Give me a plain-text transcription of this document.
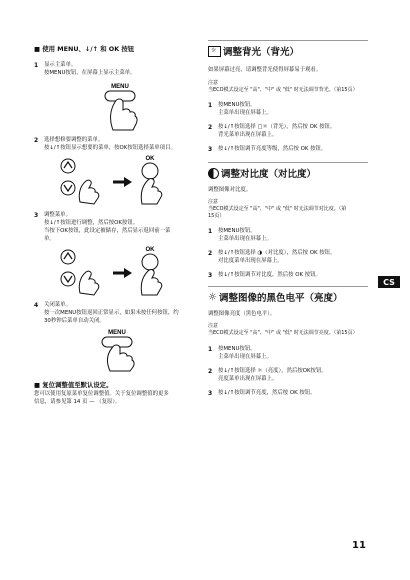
■ 使用 MENU、↓/↑ 和 OK 按钮
1 显示主菜单。
按MENU按钮，在屏幕上显示主菜单。
MENU
2 选择想修要调整的菜单。
按↓/↑按钮显示想要的菜单，按OK按钮选择菜单项目。
OK
3 调整菜单。
按↓/↑按钮进行调整，然后按OK按钮。
当按下OK按钮，此设定被储存，然后显示返回前一菜
单。
OK
4 关闭菜单。
按一次MENU按钮返回正常显示，如果未按任何按钮，约
30秒钟后菜单自动关闭。
MENU
■ 复位调整值至默认设定。
您可以使用复原菜单复位调整值。关于复位调整值的更多
信息，请参见第 14 页 — （复原）。
☼ 调整背光（背光）
如果屏幕过亮，请调整背光使得屏幕易于观看。
注意
当ECO模式设定至 "高"、"中" 或 "低" 时无法调节背光。（第15页）
1 按MENU按钮。
主菜单出现在屏幕上。
2 按↓/↑按钮选择 ▢☼（背光），然后按 OK 按钮。
背光菜单出现在屏幕上。
3 按↓/↑按钮调节亮度等级，然后按 OK 按钮。
调整对比度（对比度）
调整图像对比度。
注意
当ECO模式设定至 "高"、"中" 或 "低" 时无法调节对比度。（第
15页）
1 按MENU按钮。
主菜单出现在屏幕上。
2 按↓/↑按钮选择 ◑（对比度），然后按 OK 按钮。
对比度菜单出现在屏幕上。
3 按↓/↑按钮调节对比度，然后按 OK 按钮。
☼ 调整图像的黑色电平（亮度）
调整图像亮度（黑色电平）。
注意
当ECO模式设定至 "高"、"中" 或 "低" 时无法调节亮度。（第15页）
1 按MENU按钮。
主菜单出现在屏幕上。
2 按↓/↑按钮选择 ☼（亮度），然后按OK按钮。
亮度菜单出现在屏幕上。
3 按↓/↑按钮调节亮度，然后按 OK 按钮。
CS
11
